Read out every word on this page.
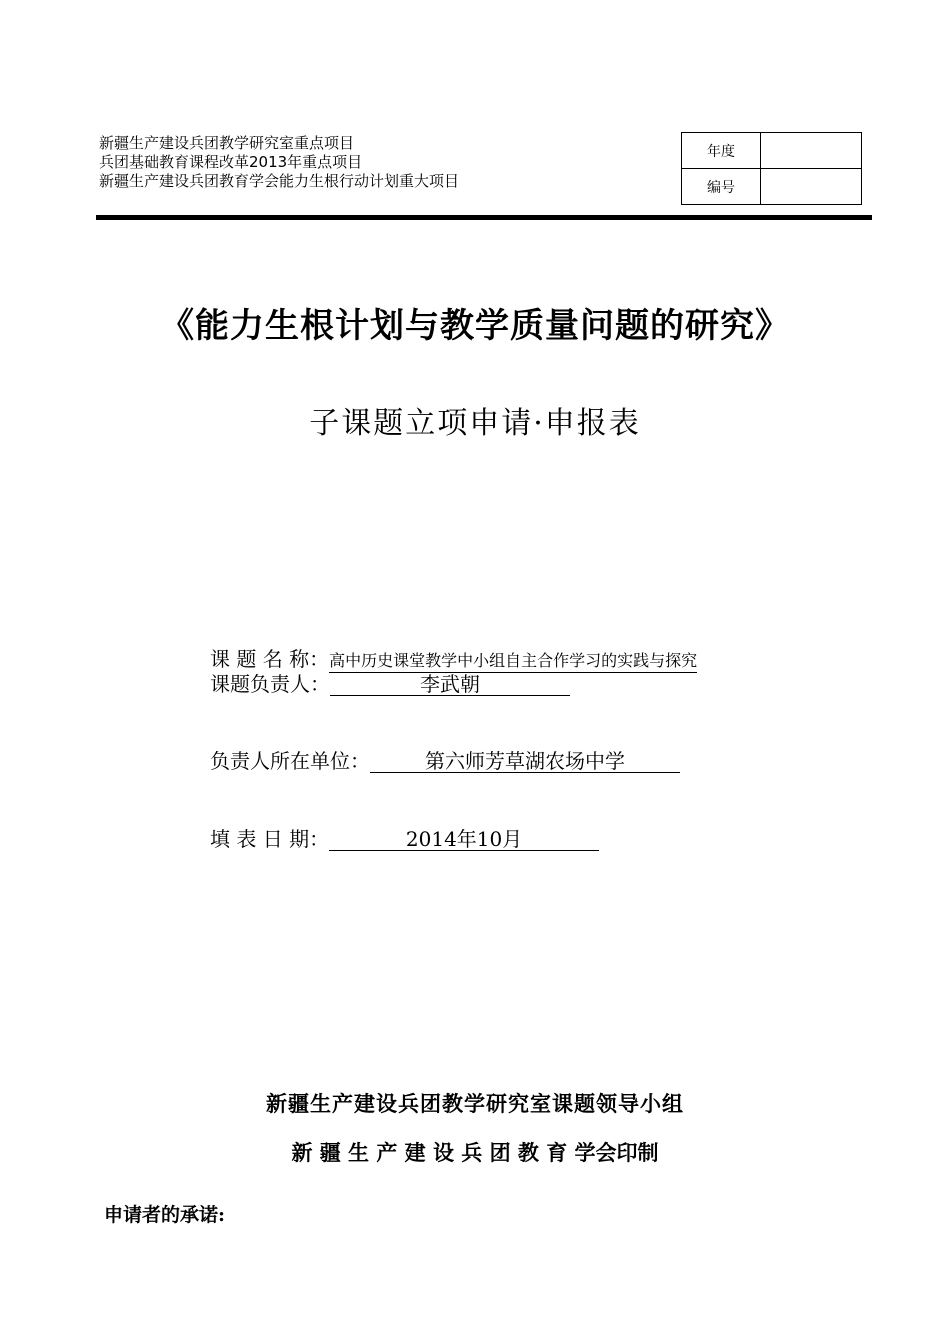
新疆生产建设兵团教学研究室重点项目
兵团基础教育课程改革2013年重点项目
新疆生产建设兵团教育学会能力生根行动计划重大项目
年度	
编号	
《能力生根计划与教学质量问题的研究》
子课题立项申请·申报表
课 题 名 称：高中历史课堂教学中小组自主合作学习的实践与探究
课题负责人：	李武朝
负责人所在单位：	第六师芳草湖农场中学
填 表 日 期：	2014年10月
新疆生产建设兵团教学研究室课题领导小组
新 疆 生 产 建 设 兵 团 教 育 学会印制
申请者的承诺:
